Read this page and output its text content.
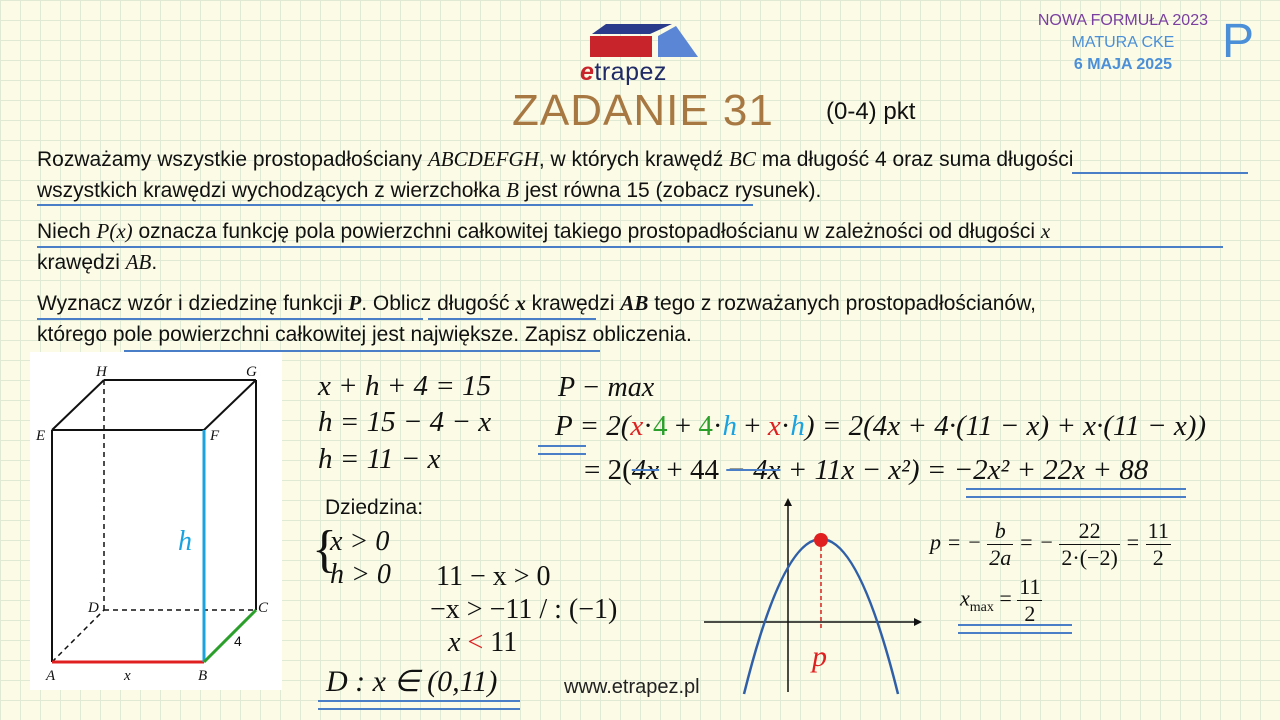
etrapez
NOWA FORMUŁA 2023
MATURA CKE
6 MAJA 2025	P
ZADANIE 31 (0-4) pkt
Rozważamy wszystkie prostopadłościany ABCDEFGH, w których krawędź BC ma długość 4 oraz suma długości
wszystkich krawędzi wychodzących z wierzchołka B jest równa 15 (zobacz rysunek).
Niech P(x) oznacza funkcję pola powierzchni całkowitej takiego prostopadłościanu w zależności od długości x
krawędzi AB.
Wyznacz wzór i dziedzinę funkcji P. Oblicz długość x krawędzi AB tego z rozważanych prostopadłościanów,
którego pole powierzchni całkowitej jest największe. Zapisz obliczenia.
H	G
E	F
D	C
A	B
x
h
4
x + h + 4 = 15
h = 15 − 4 − x
h = 11 − x
Dziedzina:
{
x > 0
h > 0 11 − x > 0
−x > −11 / : (−1)
x < 11
D : x ∈ (0,11)
P − max
P = 2(x·4 + 4·h + x·h) = 2(4x + 4·(11 − x) + x·(11 − x))
= 2(4x + 44 − 4x + 11x − x²) = −2x² + 22x + 88
p
p = − $\frac{b}{2a}$ = − $\frac{22}{2\cdot(-2)} = \frac{11}{2}$
$x_{max} = \frac{11}{2}$
www.etrapez.pl
